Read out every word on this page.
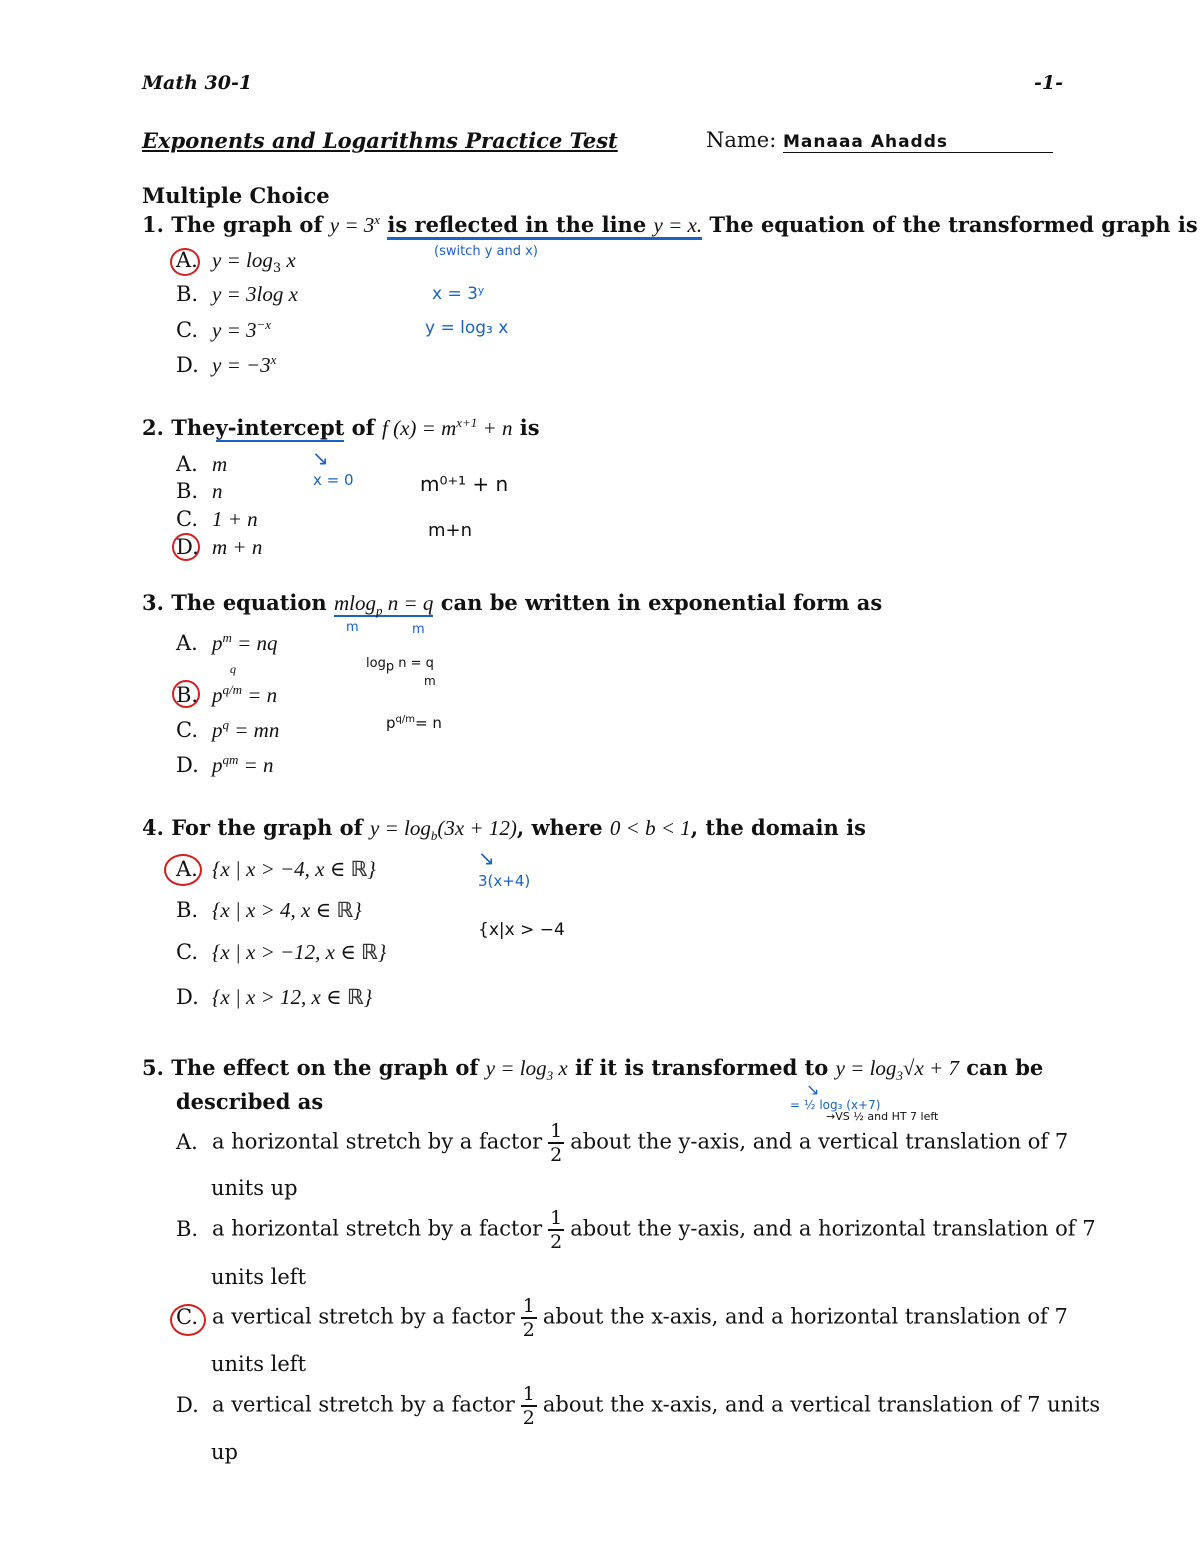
Math 30-1	-1-
Exponents and Logarithms Practice Test	Name: Manaaa Ahadds
Multiple Choice
1. The graph of $y = 3^x$ is reflected in the line y = x. The equation of the transformed graph is
A. $y = \log_3 x$
B. y = 3log x
C. $y = 3^{-x}$
D. $y = -3^x$
(switch y and x)
x = 3ʸ
y = log₃ x
2. They-intercept of f $(x) = m^{x+1} + n$ is
A. m
B. n
C. 1 + n
D. m + n
↘
x = 0	m⁰⁺¹ + n
m+n
3. The equation mlog$_p$ n = q can be written in exponential form as
m	m
A. $p^m$ = nq
q
B. $p^{q/m} = n$
C. $p^q$ = mn
D. $p^{qm} = n$
logp n = q
m
$p^{q/m}= n$
4. For the graph of $y = \log_b(3x + 12)$, where 0 < b < 1, the domain is
A. {x | x > −4, x ∈ ℝ}
B. {x | x > 4, x ∈ ℝ}
C. {x | x > −12, x ∈ ℝ}
D. {x | x > 12, x ∈ ℝ}
↘
3(x+4)
{x|x > −4
5. The effect on the graph of $y = \log_3 x$ if it is transformed to $y = \log_3√x + 7$ can be
described as	= ½ log₃ (x+7)
↘
→VS ½ and HT 7 left
A. a horizontal stretch by a factor $\frac{1}{2}$ about the y-axis, and a vertical translation of 7
units up
B. a horizontal stretch by a factor $\frac{1}{2}$ about the y-axis, and a horizontal translation of 7
units left
C. a vertical stretch by a factor $\frac{1}{2}$ about the x-axis, and a horizontal translation of 7
units left
D. a vertical stretch by a factor $\frac{1}{2}$ about the x-axis, and a vertical translation of 7 units
up
